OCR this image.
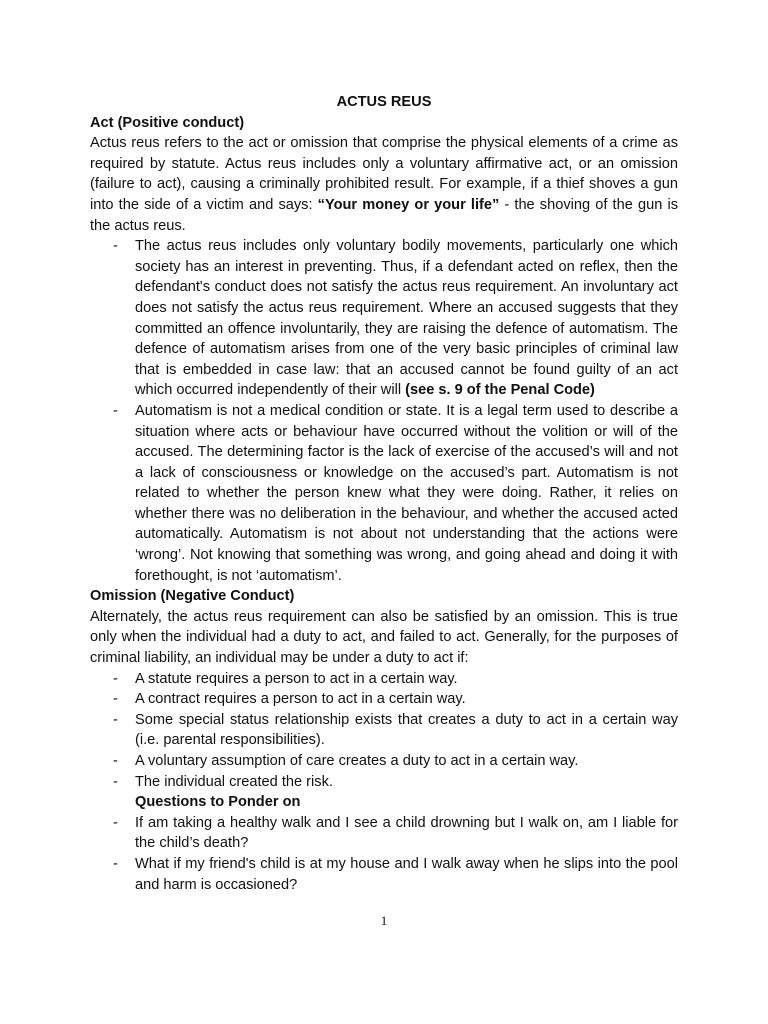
ACTUS REUS

Act (Positive conduct)

Actus reus refers to the act or omission that comprise the physical elements of a crime as required by statute. Actus reus includes only a voluntary affirmative act, or an omission (failure to act), causing a criminally prohibited result. For example, if a thief shoves a gun into the side of a victim and says: “Your money or your life” - the shoving of the gun is the actus reus.

- The actus reus includes only voluntary bodily movements, particularly one which society has an interest in preventing. Thus, if a defendant acted on reflex, then the defendant's conduct does not satisfy the actus reus requirement. An involuntary act does not satisfy the actus reus requirement. Where an accused suggests that they committed an offence involuntarily, they are raising the defence of automatism. The defence of automatism arises from one of the very basic principles of criminal law that is embedded in case law: that an accused cannot be found guilty of an act which occurred independently of their will (see s. 9 of the Penal Code)
- Automatism is not a medical condition or state. It is a legal term used to describe a situation where acts or behaviour have occurred without the volition or will of the accused. The determining factor is the lack of exercise of the accused’s will and not a lack of consciousness or knowledge on the accused’s part. Automatism is not related to whether the person knew what they were doing. Rather, it relies on whether there was no deliberation in the behaviour, and whether the accused acted automatically. Automatism is not about not understanding that the actions were ‘wrong’. Not knowing that something was wrong, and going ahead and doing it with forethought, is not ‘automatism’.

Omission (Negative Conduct)

Alternately, the actus reus requirement can also be satisfied by an omission. This is true only when the individual had a duty to act, and failed to act. Generally, for the purposes of criminal liability, an individual may be under a duty to act if:

- A statute requires a person to act in a certain way.
- A contract requires a person to act in a certain way.
- Some special status relationship exists that creates a duty to act in a certain way (i.e. parental responsibilities).
- A voluntary assumption of care creates a duty to act in a certain way.
- The individual created the risk.

Questions to Ponder on

- If am taking a healthy walk and I see a child drowning but I walk on, am I liable for the child’s death?
- What if my friend's child is at my house and I walk away when he slips into the pool and harm is occasioned?
1
